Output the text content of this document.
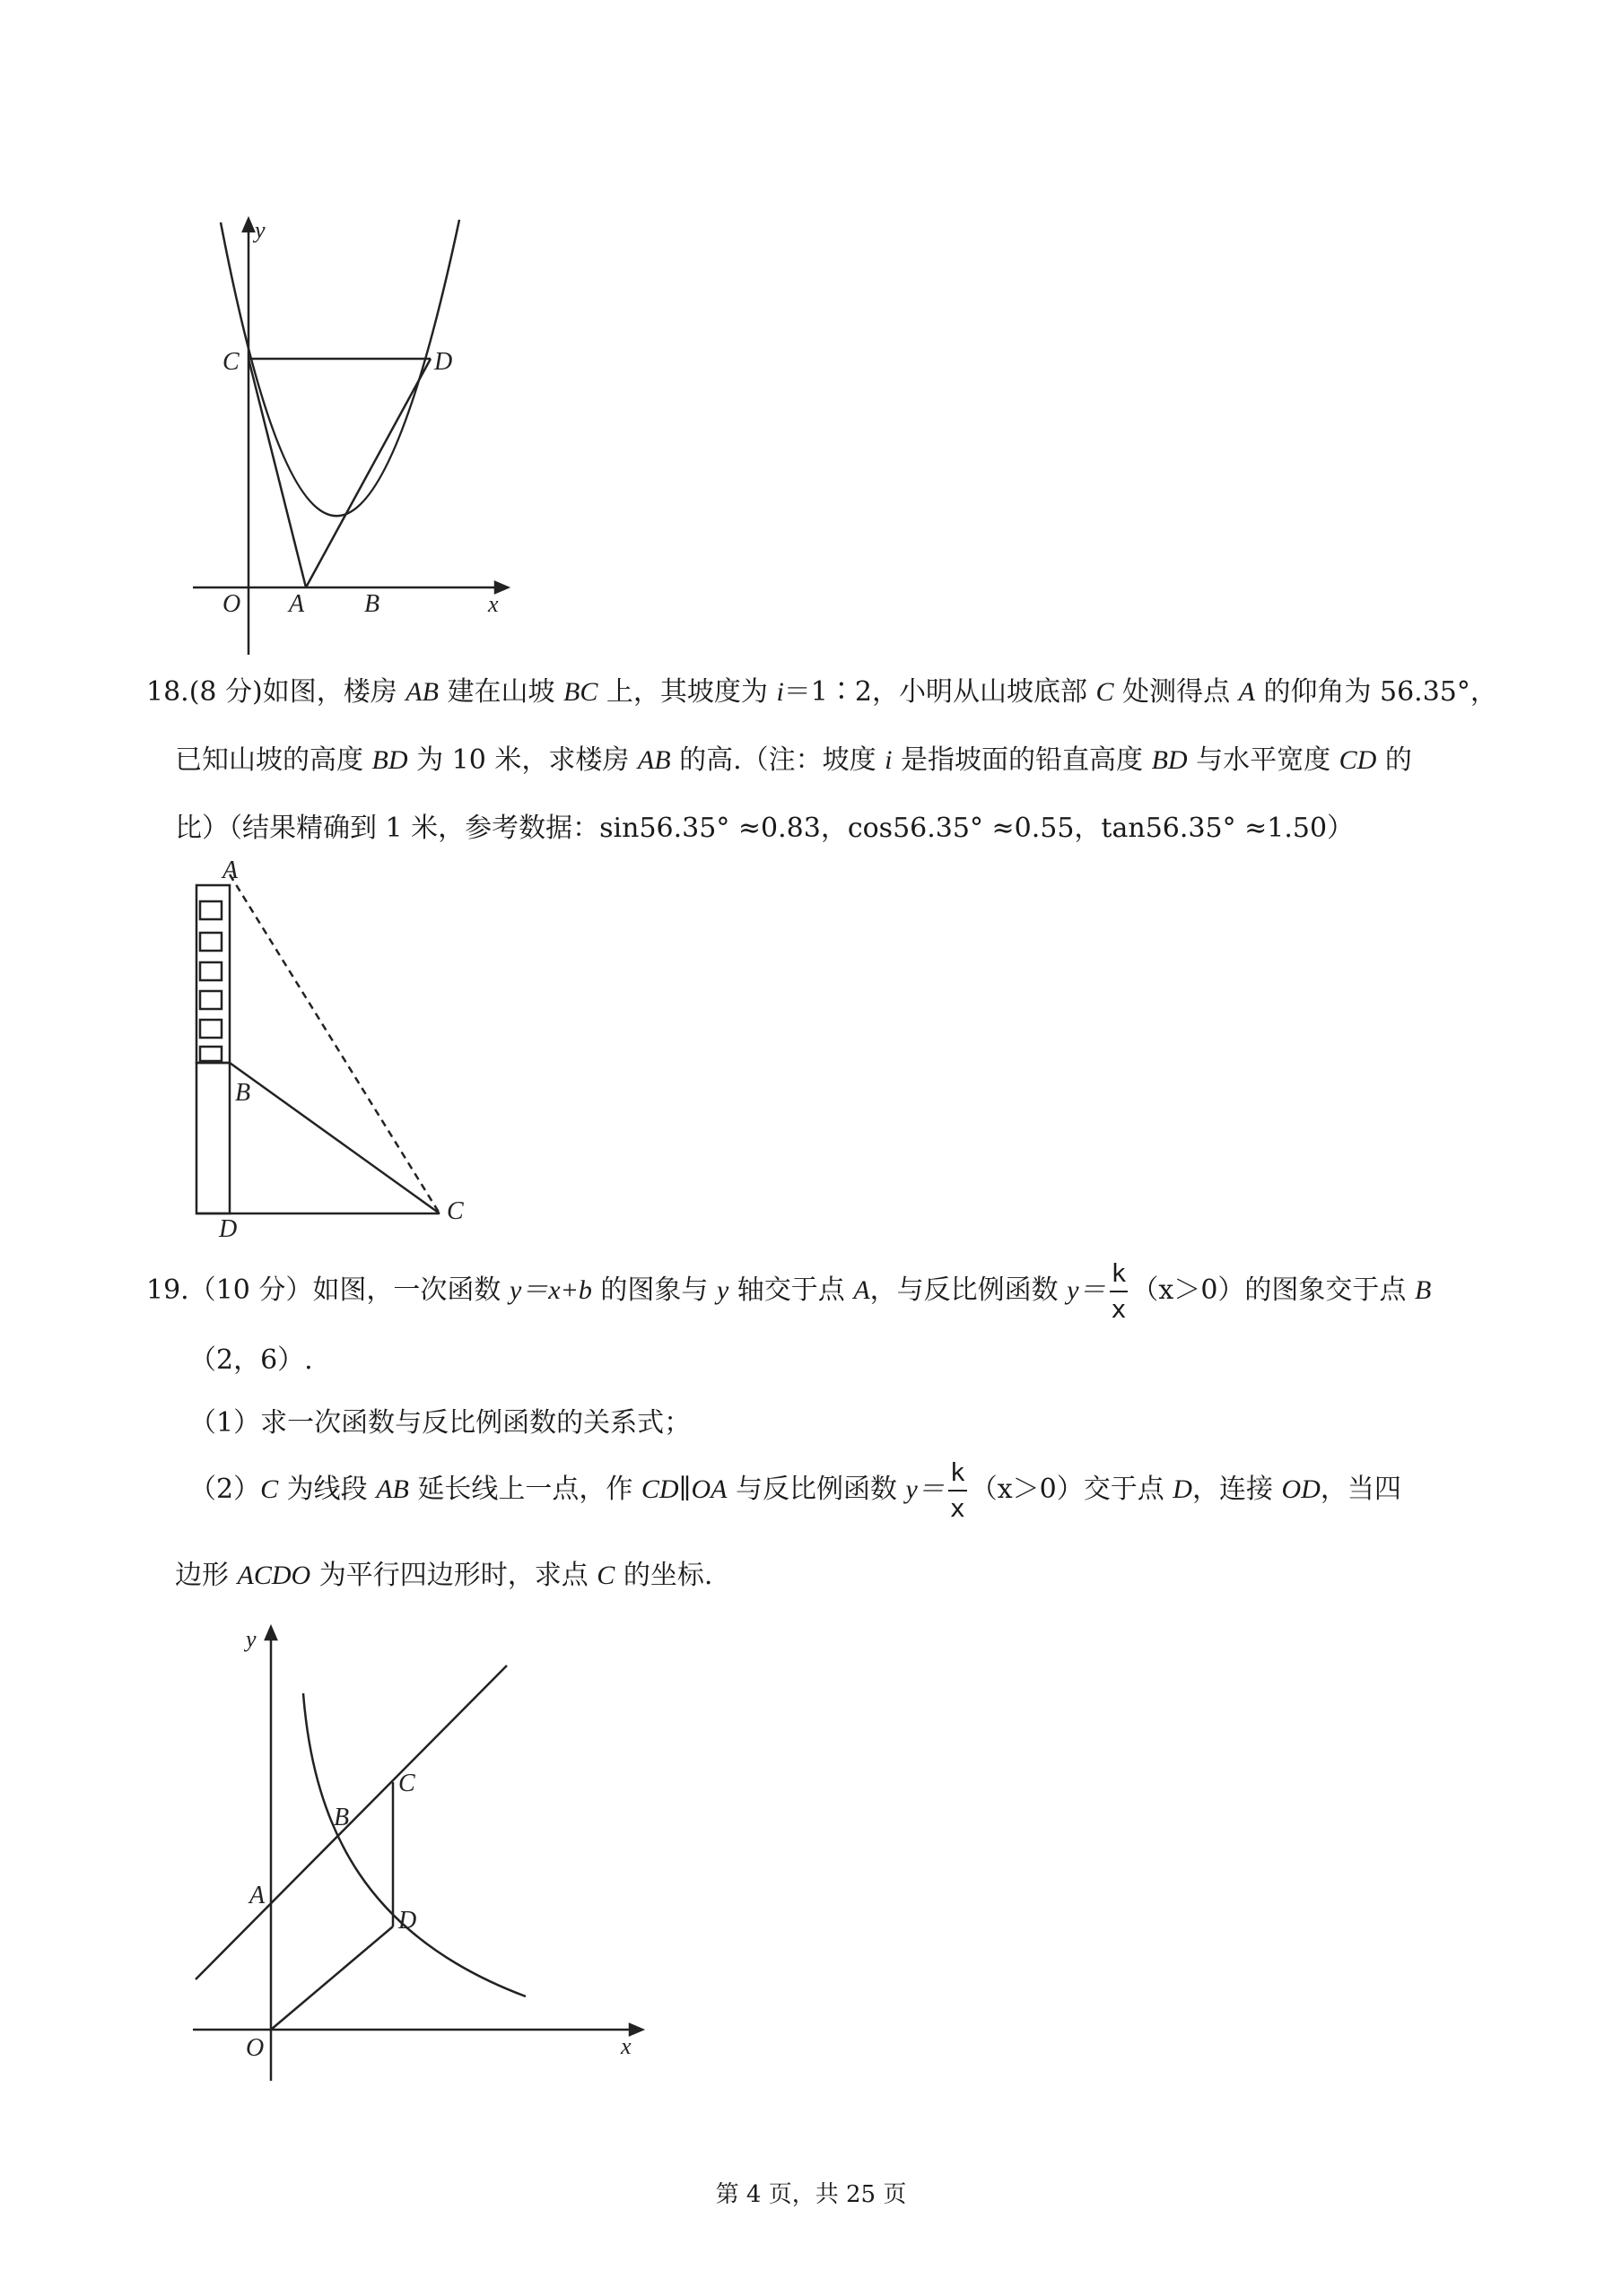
y
x
O A B
C	D
18.(8 分)如图，楼房 AB 建在山坡 BC 上，其坡度为 i＝1∶2，小明从山坡底部 C 处测得点 A 的仰角为 56.35°，
已知山坡的高度 BD 为 10 米，求楼房 AB 的高.（注：坡度 i 是指坡面的铅直高度 BD 与水平宽度 CD 的
比）（结果精确到 1 米，参考数据：sin56.35° ≈0.83，cos56.35° ≈0.55，tan56.35° ≈1.50）
A
B
D
C
19.（10 分）如图，一次函数 y＝x+b 的图象与 y 轴交于点 A，与反比例函数 $y= \frac{k}{x} (x>0)$的图象交于点 B
（2，6）.
（1）求一次函数与反比例函数的关系式；
（2）C 为线段 AB 延长线上一点，作 CD∥OA 与反比例函数 $y= \frac{k}{x} (x>0)$交于点 D，连接 OD，当四
边形 ACDO 为平行四边形时，求点 C 的坐标.
y
x
O
A
B
C
D
第 4 页，共 25 页
